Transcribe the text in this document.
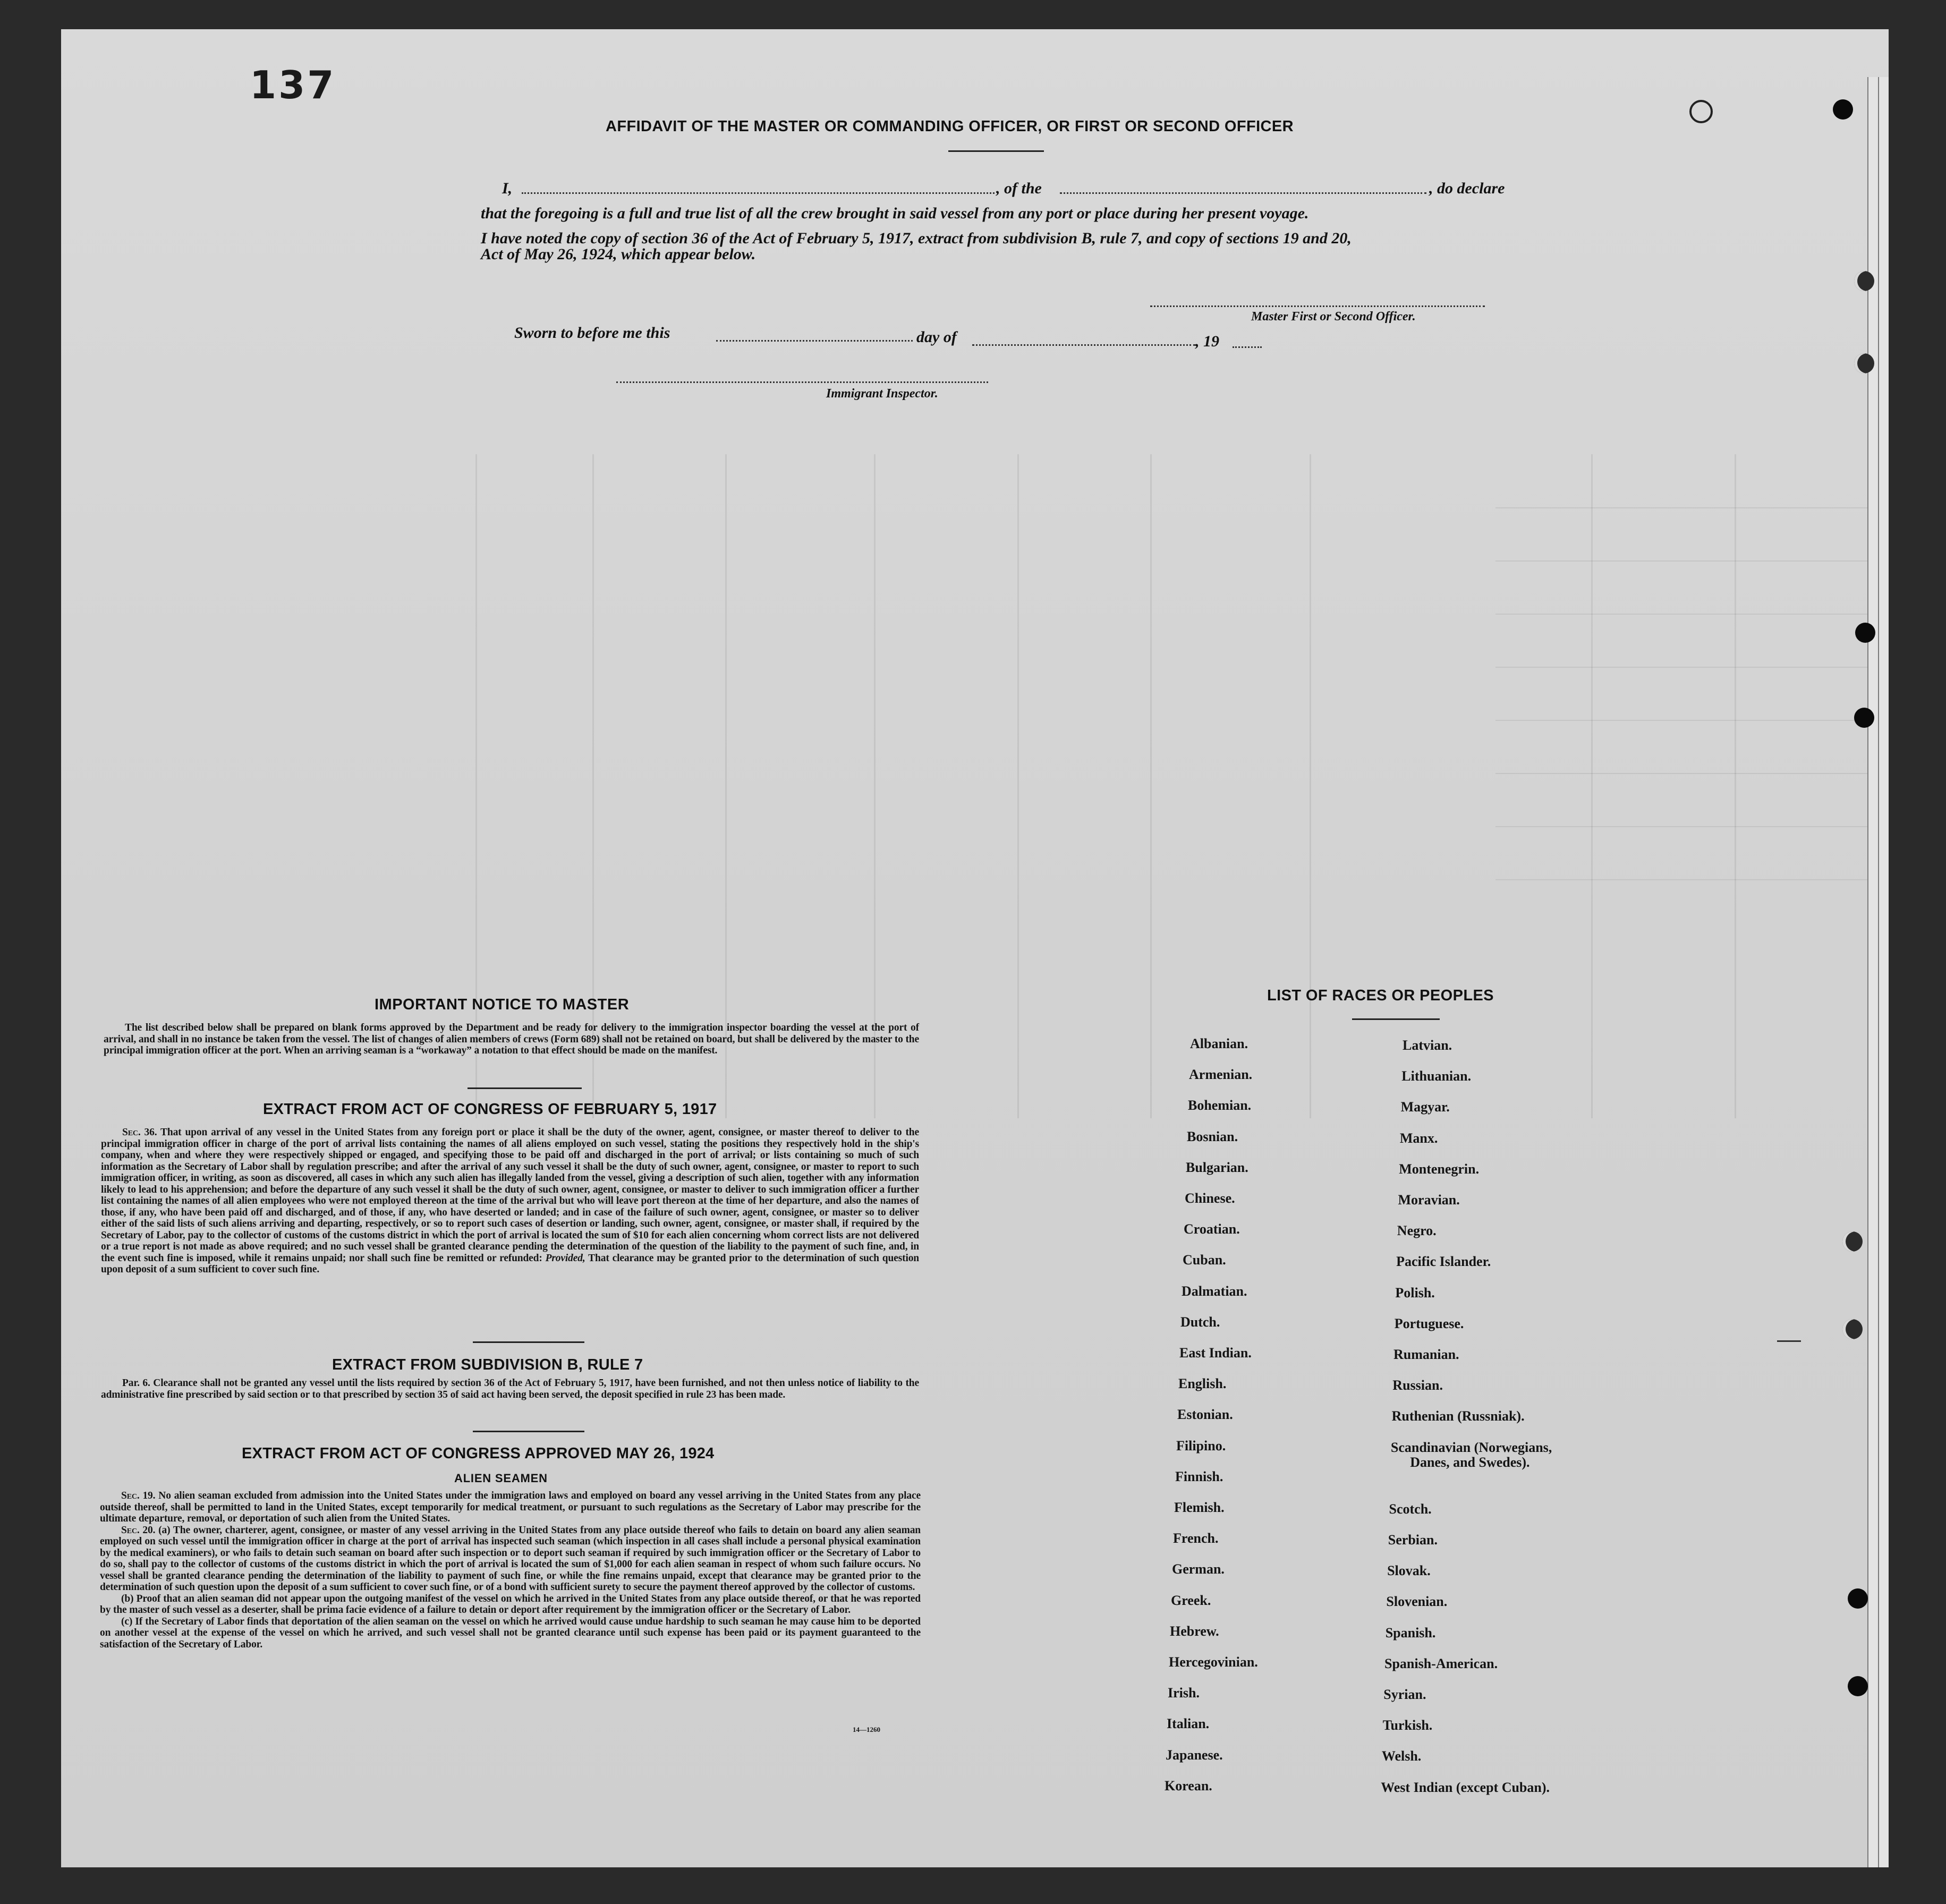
137
AFFIDAVIT OF THE MASTER OR COMMANDING OFFICER, OR FIRST OR SECOND OFFICER
I,	, of the	, do declare
that the foregoing is a full and true list of all the crew brought in said vessel from any port or place during her present voyage.
I have noted the copy of section 36 of the Act of February 5, 1917, extract from subdivision B, rule 7, and copy of sections 19 and 20,
Act of May 26, 1924, which appear below.
Master First or Second Officer.
Sworn to before me this	day of	, 19
Immigrant Inspector.
IMPORTANT NOTICE TO MASTER

The list described below shall be prepared on blank forms approved by the Department and be ready for delivery to the immigration inspector boarding the vessel at the port of arrival, and shall in no instance be taken from the vessel. The list of changes of alien members of crews (Form 689) shall not be retained on board, but shall be delivered by the master to the principal immigration officer at the port. When an arriving seaman is a “workaway” a notation to that effect should be made on the manifest.

EXTRACT FROM ACT OF CONGRESS OF FEBRUARY 5, 1917

Sec. 36. That upon arrival of any vessel in the United States from any foreign port or place it shall be the duty of the owner, agent, consignee, or master thereof to deliver to the principal immigration officer in charge of the port of arrival lists containing the names of all aliens employed on such vessel, stating the positions they respectively hold in the ship's company, when and where they were respectively shipped or engaged, and specifying those to be paid off and discharged in the port of arrival; or lists containing so much of such information as the Secretary of Labor shall by regulation prescribe; and after the arrival of any such vessel it shall be the duty of such owner, agent, consignee, or master to report to such immigration officer, in writing, as soon as discovered, all cases in which any such alien has illegally landed from the vessel, giving a description of such alien, together with any information likely to lead to his apprehension; and before the departure of any such vessel it shall be the duty of such owner, agent, consignee, or master to deliver to such immigration officer a further list containing the names of all alien employees who were not employed thereon at the time of the arrival but who will leave port thereon at the time of her departure, and also the names of those, if any, who have been paid off and discharged, and of those, if any, who have deserted or landed; and in case of the failure of such owner, agent, consignee, or master so to deliver either of the said lists of such aliens arriving and departing, respectively, or so to report such cases of desertion or landing, such owner, agent, consignee, or master shall, if required by the Secretary of Labor, pay to the collector of customs of the customs district in which the port of arrival is located the sum of $10 for each alien concerning whom correct lists are not delivered or a true report is not made as above required; and no such vessel shall be granted clearance pending the determination of the question of the liability to the payment of such fine, and, in the event such fine is imposed, while it remains unpaid; nor shall such fine be remitted or refunded: Provided, That clearance may be granted prior to the determination of such question upon deposit of a sum sufficient to cover such fine.

EXTRACT FROM SUBDIVISION B, RULE 7

Par. 6. Clearance shall not be granted any vessel until the lists required by section 36 of the Act of February 5, 1917, have been furnished, and not then unless notice of liability to the administrative fine prescribed by said section or to that prescribed by section 35 of said act having been served, the deposit specified in rule 23 has been made.

EXTRACT FROM ACT OF CONGRESS APPROVED MAY 26, 1924
ALIEN SEAMEN

Sec. 19. No alien seaman excluded from admission into the United States under the immigration laws and employed on board any vessel arriving in the United States from any place outside thereof, shall be permitted to land in the United States, except temporarily for medical treatment, or pursuant to such regulations as the Secretary of Labor may prescribe for the ultimate departure, removal, or deportation of such alien from the United States.

Sec. 20. (a) The owner, charterer, agent, consignee, or master of any vessel arriving in the United States from any place outside thereof who fails to detain on board any alien seaman employed on such vessel until the immigration officer in charge at the port of arrival has inspected such seaman (which inspection in all cases shall include a personal physical examination by the medical examiners), or who fails to detain such seaman on board after such inspection or to deport such seaman if required by such immigration officer or the Secretary of Labor to do so, shall pay to the collector of customs of the customs district in which the port of arrival is located the sum of $1,000 for each alien seaman in respect of whom such failure occurs. No vessel shall be granted clearance pending the determination of the liability to payment of such fine, or while the fine remains unpaid, except that clearance may be granted prior to the determination of such question upon the deposit of a sum sufficient to cover such fine, or of a bond with sufficient surety to secure the payment thereof approved by the collector of customs.

(b) Proof that an alien seaman did not appear upon the outgoing manifest of the vessel on which he arrived in the United States from any place outside thereof, or that he was reported by the master of such vessel as a deserter, shall be prima facie evidence of a failure to detain or deport after requirement by the immigration officer or the Secretary of Labor.

(c) If the Secretary of Labor finds that deportation of the alien seaman on the vessel on which he arrived would cause undue hardship to such seaman he may cause him to be deported on another vessel at the expense of the vessel on which he arrived, and such vessel shall not be granted clearance until such expense has been paid or its payment guaranteed to the satisfaction of the Secretary of Labor.

14—1260
LIST OF RACES OR PEOPLES
Albanian.
Armenian.
Bohemian.
Bosnian.
Bulgarian.
Chinese.
Croatian.
Cuban.
Dalmatian.
Dutch.
East Indian.
English.
Estonian.
Filipino.
Finnish.
Flemish.
French.
German.
Greek.
Hebrew.
Hercegovinian.
Irish.
Italian.
Japanese.
Korean.
Latvian.
Lithuanian.
Magyar.
Manx.
Montenegrin.
Moravian.
Negro.
Pacific Islander.
Polish.
Portuguese.
Rumanian.
Russian.
Ruthenian (Russniak).
Scandinavian (Norwegians,
Danes, and Swedes).
Scotch.
Serbian.
Slovak.
Slovenian.
Spanish.
Spanish-American.
Syrian.
Turkish.
Welsh.
West Indian (except Cuban).
